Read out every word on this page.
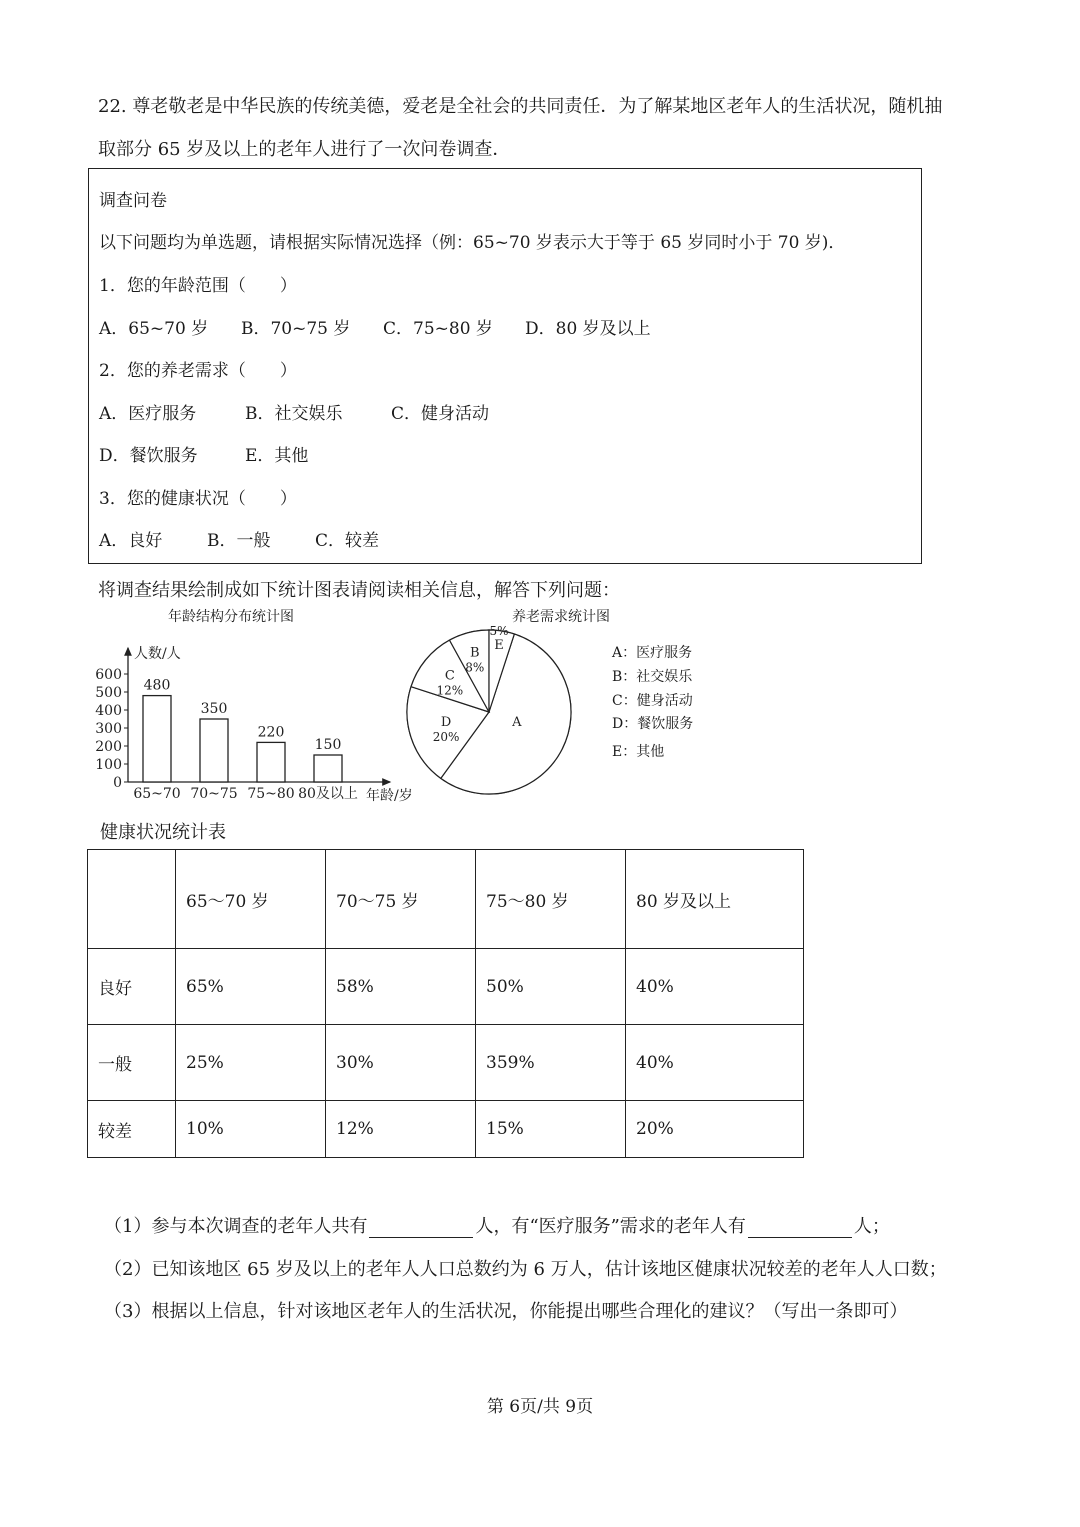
22. 尊老敬老是中华民族的传统美德，爱老是全社会的共同责任．为了解某地区老年人的生活状况，随机抽
取部分 65 岁及以上的老年人进行了一次问卷调查．
调查问卷
以下问题均为单选题，请根据实际情况选择（例：65~70 岁表示大于等于 65 岁同时小于 70 岁)．
1．您的年龄范围（　　）
A．65~70 岁 B．70~75 岁 C．75~80 岁 D．80 岁及以上
2．您的养老需求（　　）
A．医疗服务	B．社交娱乐	C．健身活动
D．餐饮服务	E．其他
3．您的健康状况（　　）
A．良好	B．一般	C．较差
将调查结果绘制成如下统计图表请阅读相关信息，解答下列问题：
年龄结构分布统计图	养老需求统计图
0
100
200
300
400
500
600
人数/人
年龄/岁
480
65~70
350
70~75
220
75~80
150
80及以上
A
D
20%
C
12%
B
8%
E
5%
A：医疗服务
B：社交娱乐
C：健身活动
D：餐饮服务
E：其他
健康状况统计表
	65～70 岁	70～75 岁	75～80 岁	80 岁及以上
良好	65%	58%	50%	40%
一般	25%	30%	359%	40%
较差	10%	12%	15%	20%
（1）参与本次调查的老年人共有	人，有“医疗服务”需求的老年人有	人；
（2）已知该地区 65 岁及以上的老年人人口总数约为 6 万人，估计该地区健康状况较差的老年人人口数；
（3）根据以上信息，针对该地区老年人的生活状况，你能提出哪些合理化的建议？（写出一条即可）
第 6页/共 9页
